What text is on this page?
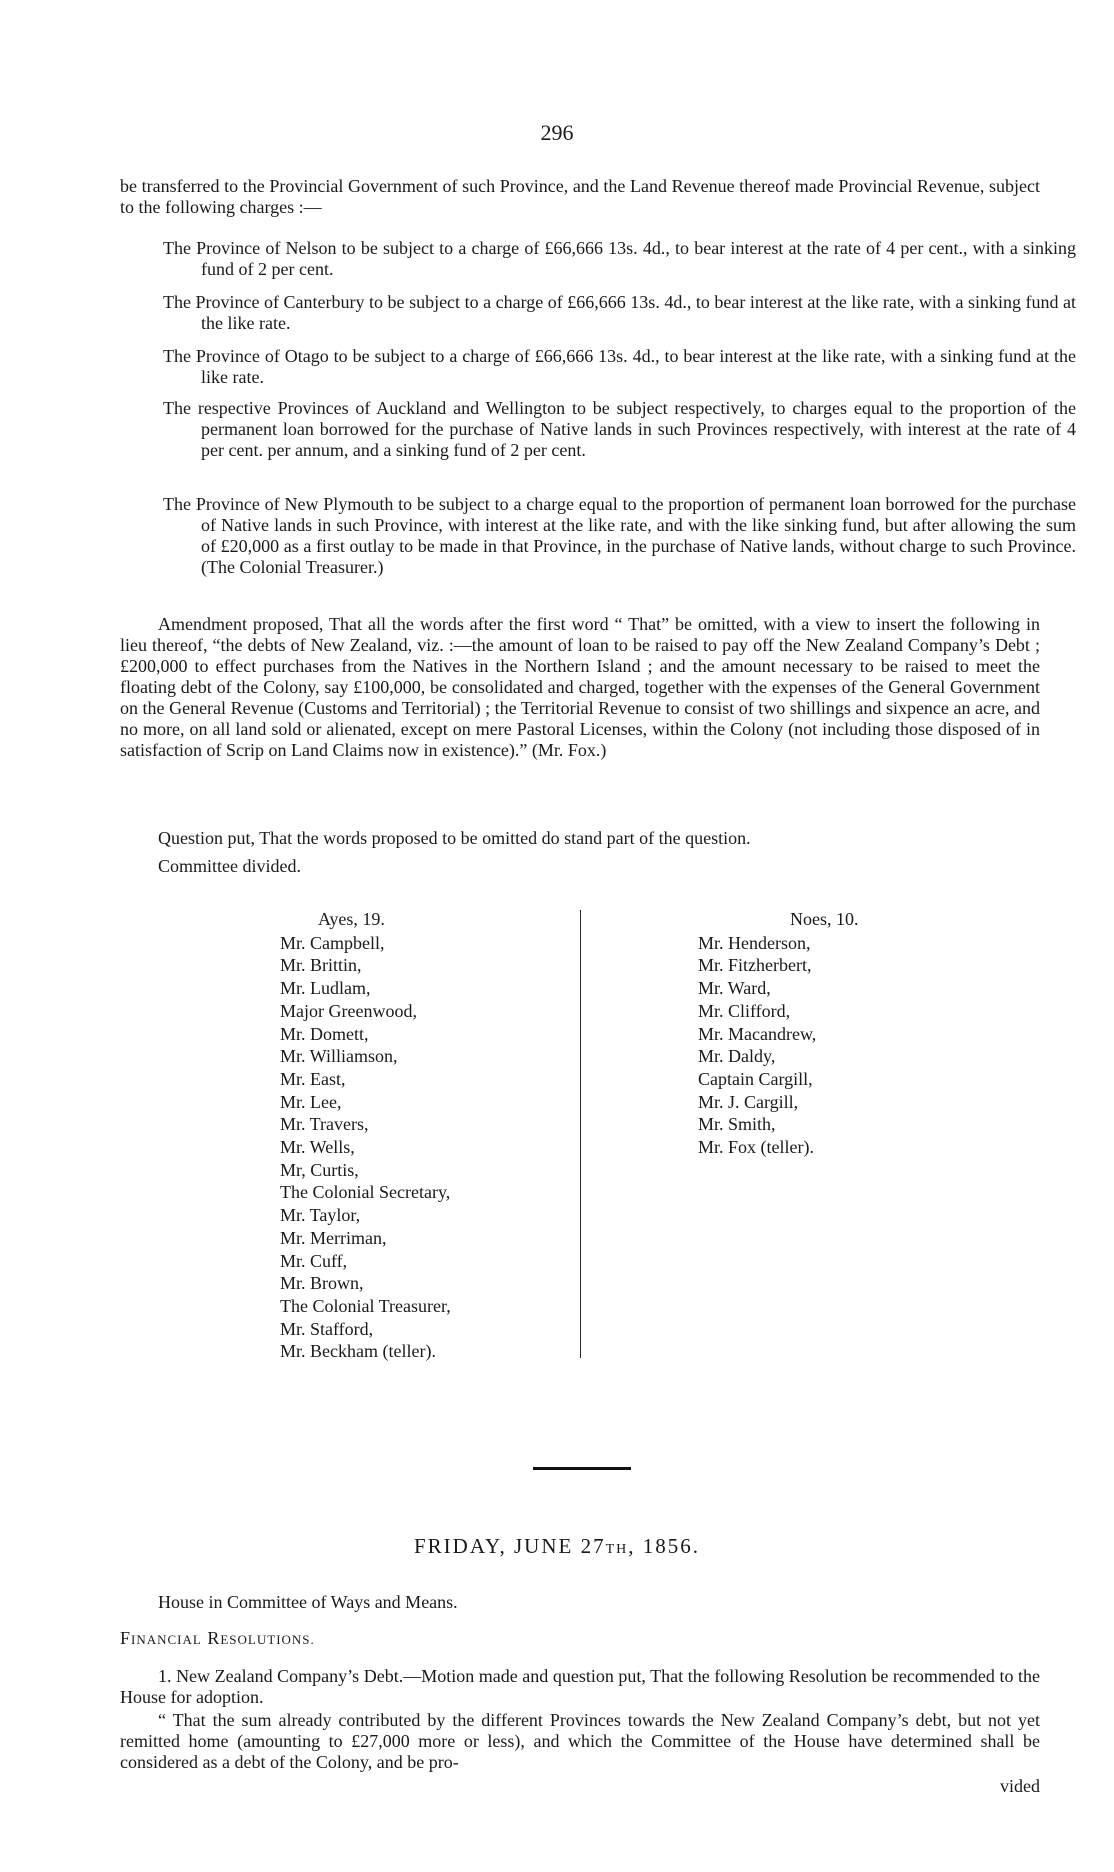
296

be transferred to the Provincial Government of such Province, and the Land Revenue thereof made Provincial Revenue, subject to the following charges :—

The Province of Nelson to be subject to a charge of £66,666 13s. 4d., to bear interest at the rate of 4 per cent., with a sinking fund of 2 per cent.

The Province of Canterbury to be subject to a charge of £66,666 13s. 4d., to bear interest at the like rate, with a sinking fund at the like rate.

The Province of Otago to be subject to a charge of £66,666 13s. 4d., to bear interest at the like rate, with a sinking fund at the like rate.

The respective Provinces of Auckland and Wellington to be subject respectively, to charges equal to the proportion of the permanent loan borrowed for the purchase of Native lands in such Provinces respectively, with interest at the rate of 4 per cent. per annum, and a sinking fund of 2 per cent.

The Province of New Plymouth to be subject to a charge equal to the proportion of permanent loan borrowed for the purchase of Native lands in such Province, with interest at the like rate, and with the like sinking fund, but after allowing the sum of £20,000 as a first outlay to be made in that Province, in the purchase of Native lands, without charge to such Province. (The Colonial Treasurer.)

Amendment proposed, That all the words after the first word “ That” be omitted, with a view to insert the following in lieu thereof, “the debts of New Zealand, viz. :—the amount of loan to be raised to pay off the New Zealand Company’s Debt ; £200,000 to effect purchases from the Natives in the Northern Island ; and the amount necessary to be raised to meet the floating debt of the Colony, say £100,000, be consolidated and charged, together with the expenses of the General Government on the General Revenue (Customs and Territorial) ; the Territorial Revenue to consist of two shillings and sixpence an acre, and no more, on all land sold or alienated, except on mere Pastoral Licenses, within the Colony (not including those disposed of in satisfaction of Scrip on Land Claims now in existence).” (Mr. Fox.)

Question put, That the words proposed to be omitted do stand part of the question.

Committee divided.

Ayes, 19.
Mr. Campbell,
Mr. Brittin,
Mr. Ludlam,
Major Greenwood,
Mr. Domett,
Mr. Williamson,
Mr. East,
Mr. Lee,
Mr. Travers,
Mr. Wells,
Mr, Curtis,
The Colonial Secretary,
Mr. Taylor,
Mr. Merriman,
Mr. Cuff,
Mr. Brown,
The Colonial Treasurer,
Mr. Stafford,
Mr. Beckham (teller).
Noes, 10.
Mr. Henderson,
Mr. Fitzherbert,
Mr. Ward,
Mr. Clifford,
Mr. Macandrew,
Mr. Daldy,
Captain Cargill,
Mr. J. Cargill,
Mr. Smith,
Mr. Fox (teller).
FRIDAY, JUNE 27TH, 1856.

House in Committee of Ways and Means.

FINANCIAL RESOLUTIONS.

1. New Zealand Company’s Debt.—Motion made and question put, That the following Resolution be recommended to the House for adoption.

“ That the sum already contributed by the different Provinces towards the New Zealand Company’s debt, but not yet remitted home (amounting to £27,000 more or less), and which the Committee of the House have determined shall be considered as a debt of the Colony, and be pro-

vided
